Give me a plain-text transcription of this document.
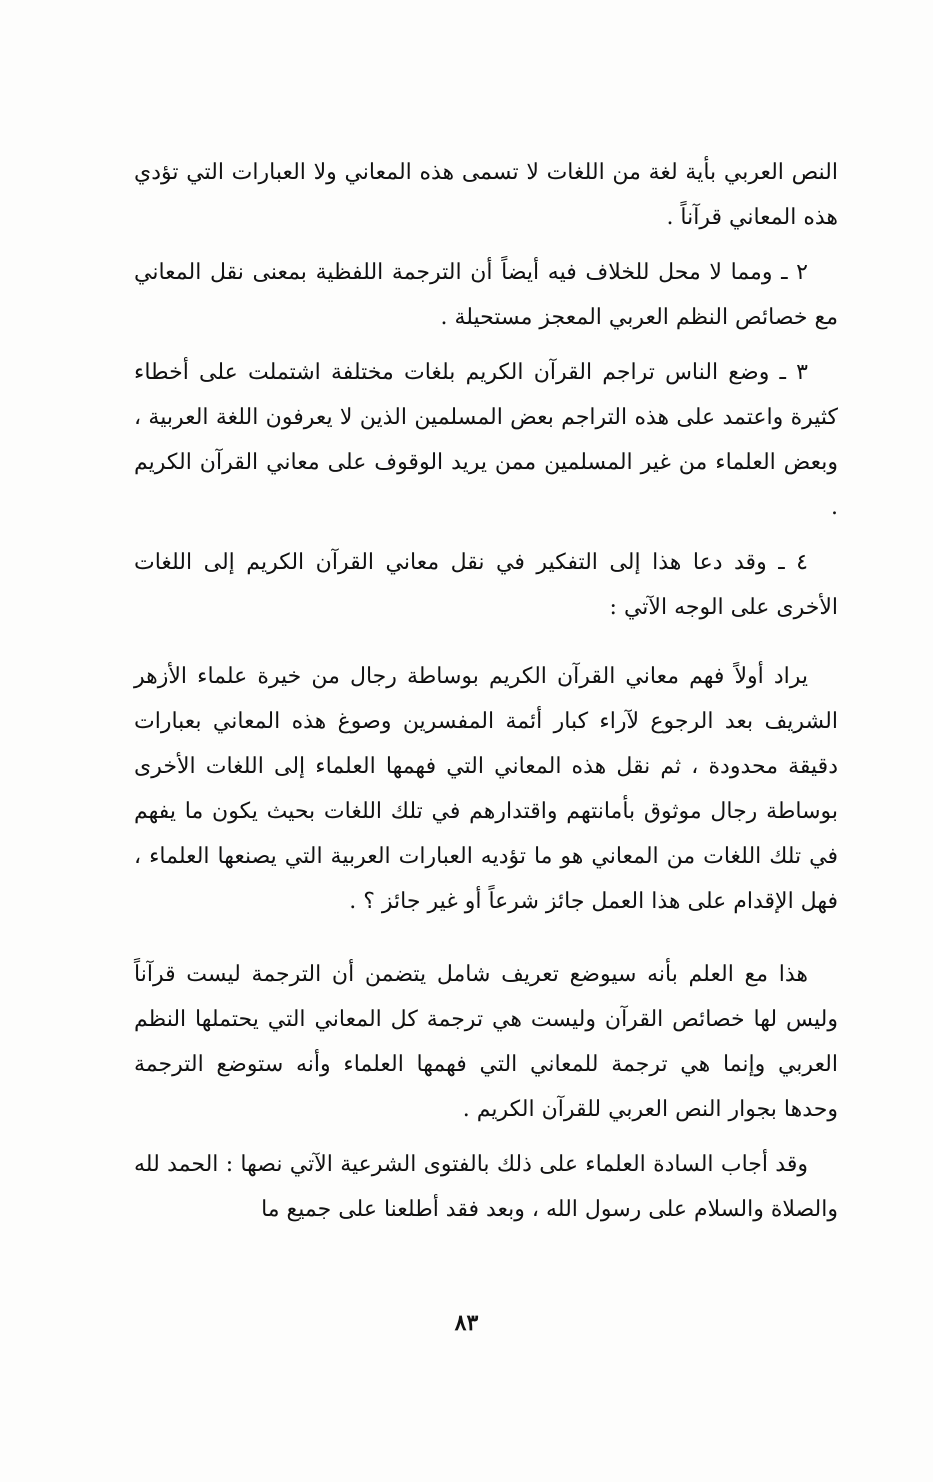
النص العربي بأية لغة من اللغات لا تسمى هذه المعاني ولا العبارات التي تؤدي هذه المعاني قرآناً .

٢ ـ ومما لا محل للخلاف فيه أيضاً أن الترجمة اللفظية بمعنى نقل المعاني مع خصائص النظم العربي المعجز مستحيلة .

٣ ـ وضع الناس تراجم القرآن الكريم بلغات مختلفة اشتملت على أخطاء كثيرة واعتمد على هذه التراجم بعض المسلمين الذين لا يعرفون اللغة العربية ، وبعض العلماء من غير المسلمين ممن يريد الوقوف على معاني القرآن الكريم .

٤ ـ وقد دعا هذا إلى التفكير في نقل معاني القرآن الكريم إلى اللغات الأخرى على الوجه الآتي :

يراد أولاً فهم معاني القرآن الكريم بوساطة رجال من خيرة علماء الأزهر الشريف بعد الرجوع لآراء كبار أئمة المفسرين وصوغ هذه المعاني بعبارات دقيقة محدودة ، ثم نقل هذه المعاني التي فهمها العلماء إلى اللغات الأخرى بوساطة رجال موثوق بأمانتهم واقتدارهم في تلك اللغات بحيث يكون ما يفهم في تلك اللغات من المعاني هو ما تؤديه العبارات العربية التي يصنعها العلماء ، فهل الإقدام على هذا العمل جائز شرعاً أو غير جائز ؟ .

هذا مع العلم بأنه سيوضع تعريف شامل يتضمن أن الترجمة ليست قرآناً وليس لها خصائص القرآن وليست هي ترجمة كل المعاني التي يحتملها النظم العربي وإنما هي ترجمة للمعاني التي فهمها العلماء وأنه ستوضع الترجمة وحدها بجوار النص العربي للقرآن الكريم .

وقد أجاب السادة العلماء على ذلك بالفتوى الشرعية الآتي نصها : الحمد لله والصلاة والسلام على رسول الله ، وبعد فقد أطلعنا على جميع ما

٨٣
